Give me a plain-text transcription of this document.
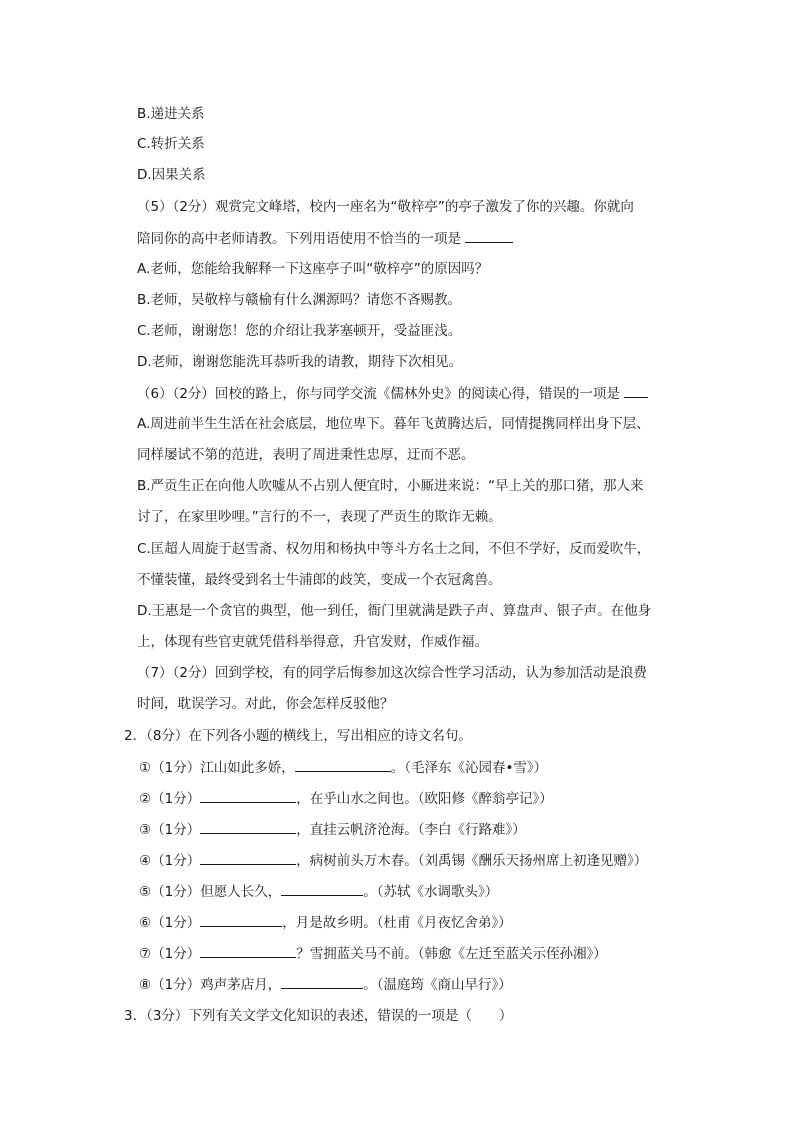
B.递进关系
C.转折关系
D.因果关系
（5）（2分）观赏完文峰塔，校内一座名为“敬梓亭”的亭子激发了你的兴趣。你就向
陪同你的高中老师请教。下列用语使用不恰当的一项是
A.老师，您能给我解释一下这座亭子叫“敬梓亭”的原因吗？
B.老师，吴敬梓与赣榆有什么渊源吗？请您不吝赐教。
C.老师，谢谢您！您的介绍让我茅塞顿开，受益匪浅。
D.老师，谢谢您能洗耳恭听我的请教，期待下次相见。
（6）（2分）回校的路上，你与同学交流《儒林外史》的阅读心得，错误的一项是
A.周进前半生生活在社会底层，地位卑下。暮年飞黄腾达后，同情提携同样出身下层、
同样屡试不第的范进，表明了周进秉性忠厚，迂而不恶。
B.严贡生正在向他人吹嘘从不占别人便宜时，小厮进来说：“早上关的那口猪，那人来
讨了，在家里吵哩。”言行的不一，表现了严贡生的欺诈无赖。
C.匡超人周旋于赵雪斋、权勿用和杨执中等斗方名士之间，不但不学好，反而爱吹牛，
不懂装懂，最终受到名士牛浦郎的歧笑，变成一个衣冠禽兽。
D.王惠是一个贪官的典型，他一到任，衙门里就满是跌子声、算盘声、银子声。在他身
上，体现有些官吏就凭借科举得意，升官发财，作威作福。
（7）（2分）回到学校，有的同学后悔参加这次综合性学习活动，认为参加活动是浪费
时间，耽误学习。对此，你会怎样反驳他？
2．（8分）在下列各小题的横线上，写出相应的诗文名句。
①（1分）江山如此多娇，	。（毛泽东《沁园春•雪》）
②（1分）	，在乎山水之间也。（欧阳修《醉翁亭记》）
③（1分）	，直挂云帆济沧海。（李白《行路难》）
④（1分）	，病树前头万木春。（刘禹锡《酬乐天扬州席上初逢见赠》）
⑤（1分）但愿人长久，	。（苏轼《水调歌头》）
⑥（1分）	，月是故乡明。（杜甫《月夜忆舍弟》）
⑦（1分）	？雪拥蓝关马不前。（韩愈《左迁至蓝关示侄孙湘》）
⑧（1分）鸡声茅店月，	。（温庭筠《商山早行》）
3．（3分）下列有关文学文化知识的表述，错误的一项是（　　）
